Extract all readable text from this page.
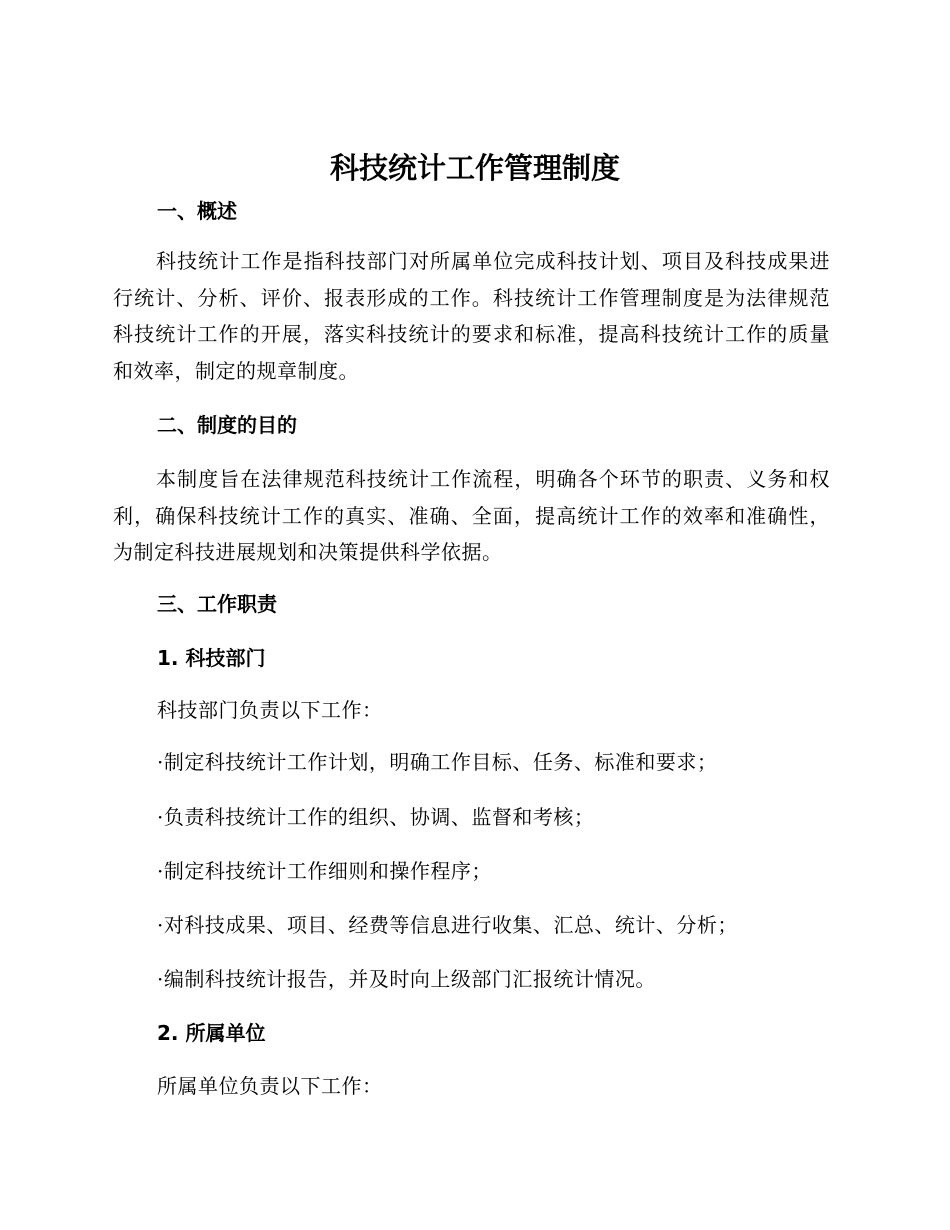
科技统计工作管理制度
一、概述

科技统计工作是指科技部门对所属单位完成科技计划、项目及科技成果进行统计、分析、评价、报表形成的工作。科技统计工作管理制度是为法律规范科技统计工作的开展，落实科技统计的要求和标准，提高科技统计工作的质量和效率，制定的规章制度。

二、制度的目的

本制度旨在法律规范科技统计工作流程，明确各个环节的职责、义务和权利，确保科技统计工作的真实、准确、全面，提高统计工作的效率和准确性，为制定科技进展规划和决策提供科学依据。

三、工作职责
1. 科技部门

科技部门负责以下工作：

·制定科技统计工作计划，明确工作目标、任务、标准和要求；

·负责科技统计工作的组织、协调、监督和考核；

·制定科技统计工作细则和操作程序；

·对科技成果、项目、经费等信息进行收集、汇总、统计、分析；

·编制科技统计报告，并及时向上级部门汇报统计情况。

2. 所属单位

所属单位负责以下工作：
